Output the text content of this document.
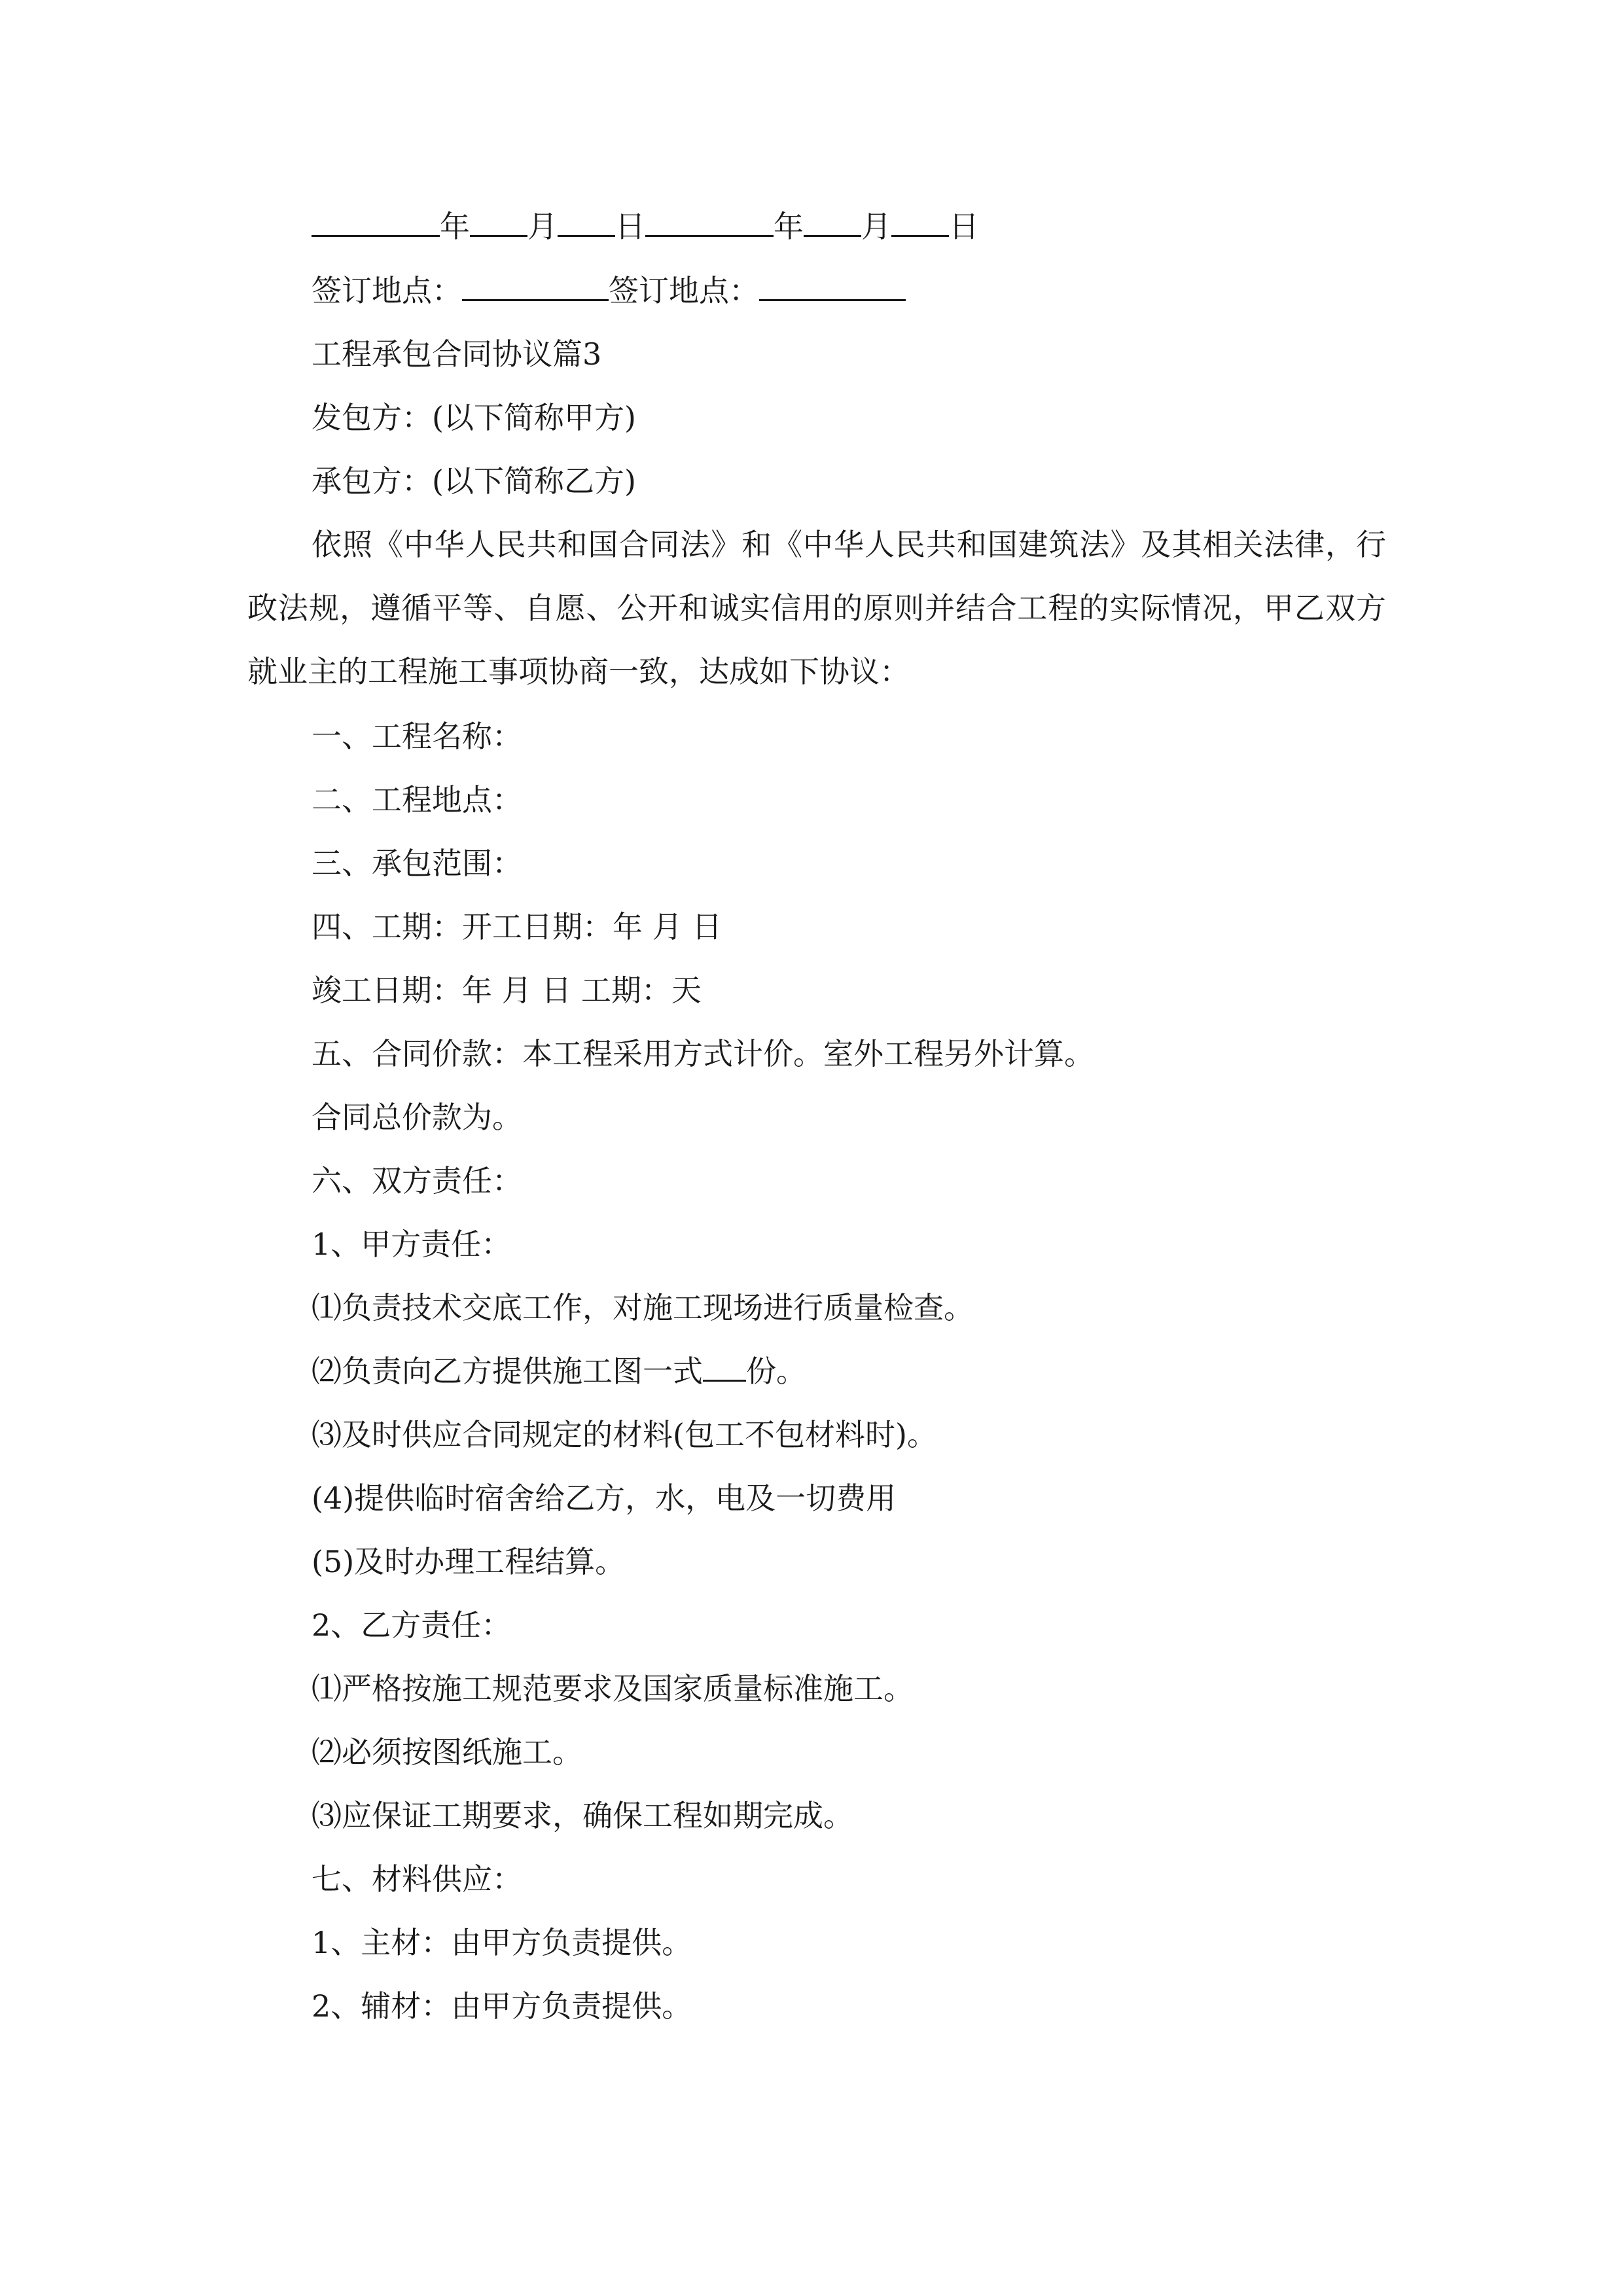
年 月 日	年 月 日
签订地点：	签订地点：
工程承包合同协议篇3
发包方：(以下简称甲方)
承包方：(以下简称乙方)
依照《中华人民共和国合同法》和《中华人民共和国建筑法》及其相关法律，行政法规，遵循平等、自愿、公开和诚实信用的原则并结合工程的实际情况，甲乙双方就业主的工程施工事项协商一致，达成如下协议：
一、工程名称：
二、工程地点：
三、承包范围：
四、工期：开工日期：年 月 日
竣工日期：年 月 日 工期：天
五、合同价款：本工程采用方式计价。室外工程另外计算。
合同总价款为。
六、双方责任：
1、甲方责任：
⑴负责技术交底工作，对施工现场进行质量检查。
⑵负责向乙方提供施工图一式 份。
⑶及时供应合同规定的材料(包工不包材料时)。
(4)提供临时宿舍给乙方，水，电及一切费用
(5)及时办理工程结算。
2、乙方责任：
⑴严格按施工规范要求及国家质量标准施工。
⑵必须按图纸施工。
⑶应保证工期要求，确保工程如期完成。
七、材料供应：
1、主材：由甲方负责提供。
2、辅材：由甲方负责提供。
